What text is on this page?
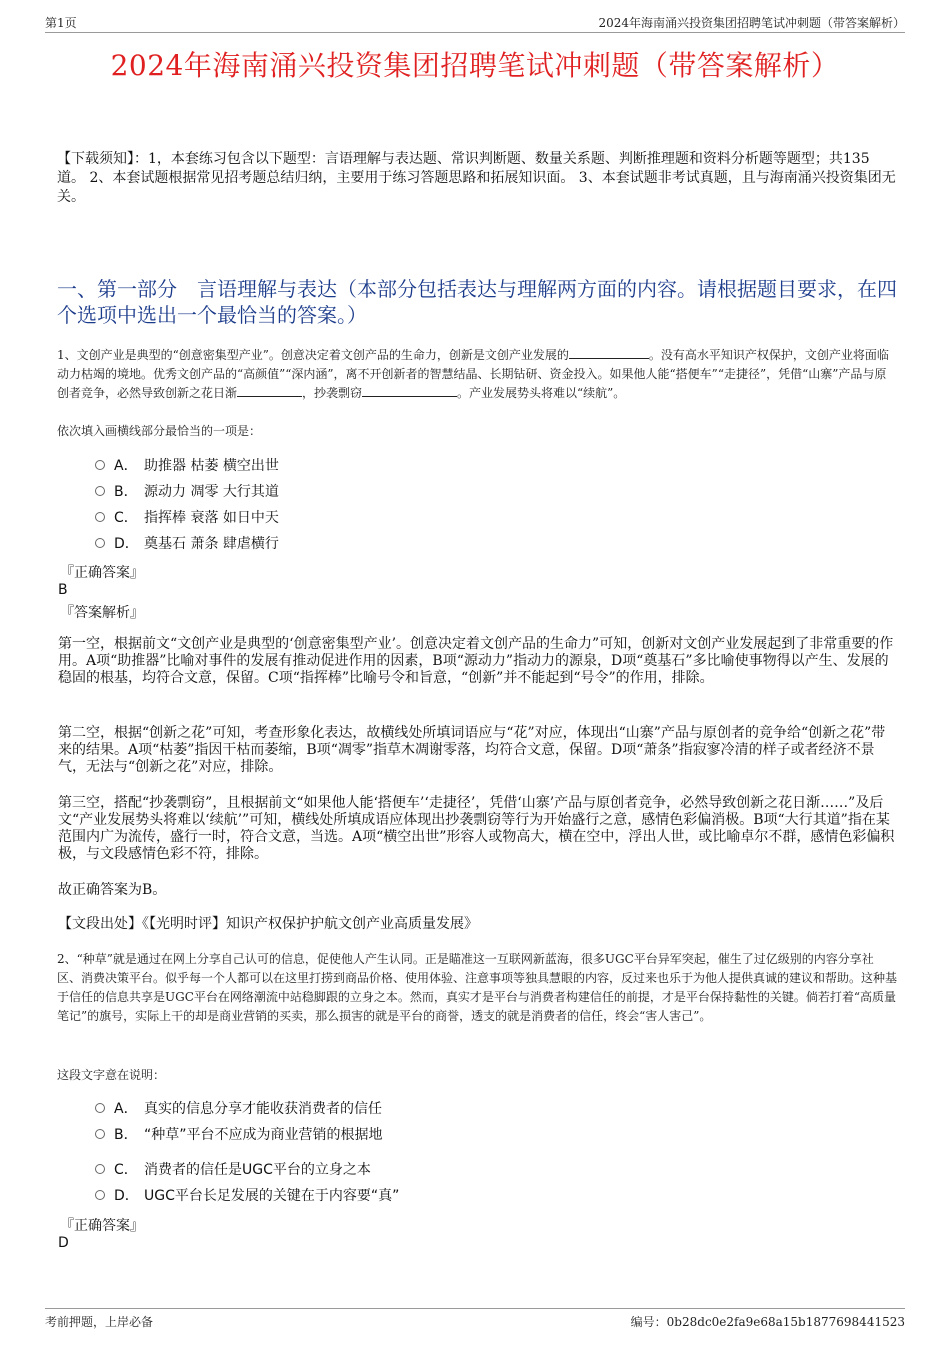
第1页	2024年海南涌兴投资集团招聘笔试冲刺题（带答案解析）
2024年海南涌兴投资集团招聘笔试冲刺题（带答案解析）
【下载须知】：1，本套练习包含以下题型：言语理解与表达题、常识判断题、数量关系题、判断推理题和资料分析题等题型；共135道。 2、本套试题根据常见招考题总结归纳，主要用于练习答题思路和拓展知识面。 3、本套试题非考试真题，且与海南涌兴投资集团无关。
一、第一部分　言语理解与表达（本部分包括表达与理解两方面的内容。请根据题目要求，在四个选项中选出一个最恰当的答案。）
1、文创产业是典型的“创意密集型产业”。创意决定着文创产品的生命力，创新是文创产业发展的	。没有高水平知识产权保护，文创产业将面临动力枯竭的境地。优秀文创产品的“高颜值”“深内涵”，离不开创新者的智慧结晶、长期钻研、资金投入。如果他人能“搭便车”“走捷径”，凭借“山寨”产品与原创者竞争，必然导致创新之花日渐	，抄袭剽窃	。产业发展势头将难以“续航”。
依次填入画横线部分最恰当的一项是：
A． 助推器 枯萎 横空出世
B． 源动力 凋零 大行其道
C． 指挥棒 衰落 如日中天
D． 奠基石 萧条 肆虐横行
『正确答案』
B
『答案解析』
第一空，根据前文“文创产业是典型的‘创意密集型产业’。创意决定着文创产品的生命力”可知，创新对文创产业发展起到了非常重要的作用。A项“助推器”比喻对事件的发展有推动促进作用的因素，B项“源动力”指动力的源泉，D项“奠基石”多比喻使事物得以产生、发展的稳固的根基，均符合文意，保留。C项“指挥棒”比喻号令和旨意，“创新”并不能起到“号令”的作用，排除。
第二空，根据“创新之花”可知，考查形象化表达，故横线处所填词语应与“花”对应，体现出“山寨”产品与原创者的竞争给“创新之花”带来的结果。A项“枯萎”指因干枯而萎缩，B项“凋零”指草木凋谢零落，均符合文意，保留。D项“萧条”指寂寥冷清的样子或者经济不景气，无法与“创新之花”对应，排除。
第三空，搭配“抄袭剽窃”，且根据前文“如果他人能‘搭便车’‘走捷径’，凭借‘山寨’产品与原创者竞争，必然导致创新之花日渐……”及后文“产业发展势头将难以‘续航’”可知，横线处所填成语应体现出抄袭剽窃等行为开始盛行之意，感情色彩偏消极。B项“大行其道”指在某范围内广为流传，盛行一时，符合文意，当选。A项“横空出世”形容人或物高大，横在空中，浮出人世，或比喻卓尔不群，感情色彩偏积极，与文段感情色彩不符，排除。
故正确答案为B。
【文段出处】《【光明时评】知识产权保护护航文创产业高质量发展》
2、“种草”就是通过在网上分享自己认可的信息，促使他人产生认同。正是瞄准这一互联网新蓝海，很多UGC平台异军突起，催生了过亿级别的内容分享社区、消费决策平台。似乎每一个人都可以在这里打捞到商品价格、使用体验、注意事项等独具慧眼的内容，反过来也乐于为他人提供真诚的建议和帮助。这种基于信任的信息共享是UGC平台在网络潮流中站稳脚跟的立身之本。然而，真实才是平台与消费者构建信任的前提，才是平台保持黏性的关键。倘若打着“高质量笔记”的旗号，实际上干的却是商业营销的买卖，那么损害的就是平台的商誉，透支的就是消费者的信任，终会“害人害己”。
这段文字意在说明：
A． 真实的信息分享才能收获消费者的信任
B． “种草”平台不应成为商业营销的根据地
C． 消费者的信任是UGC平台的立身之本
D． UGC平台长足发展的关键在于内容要“真”
『正确答案』
D
考前押题，上岸必备	编号：0b28dc0e2fa9e68a15b1877698441523
